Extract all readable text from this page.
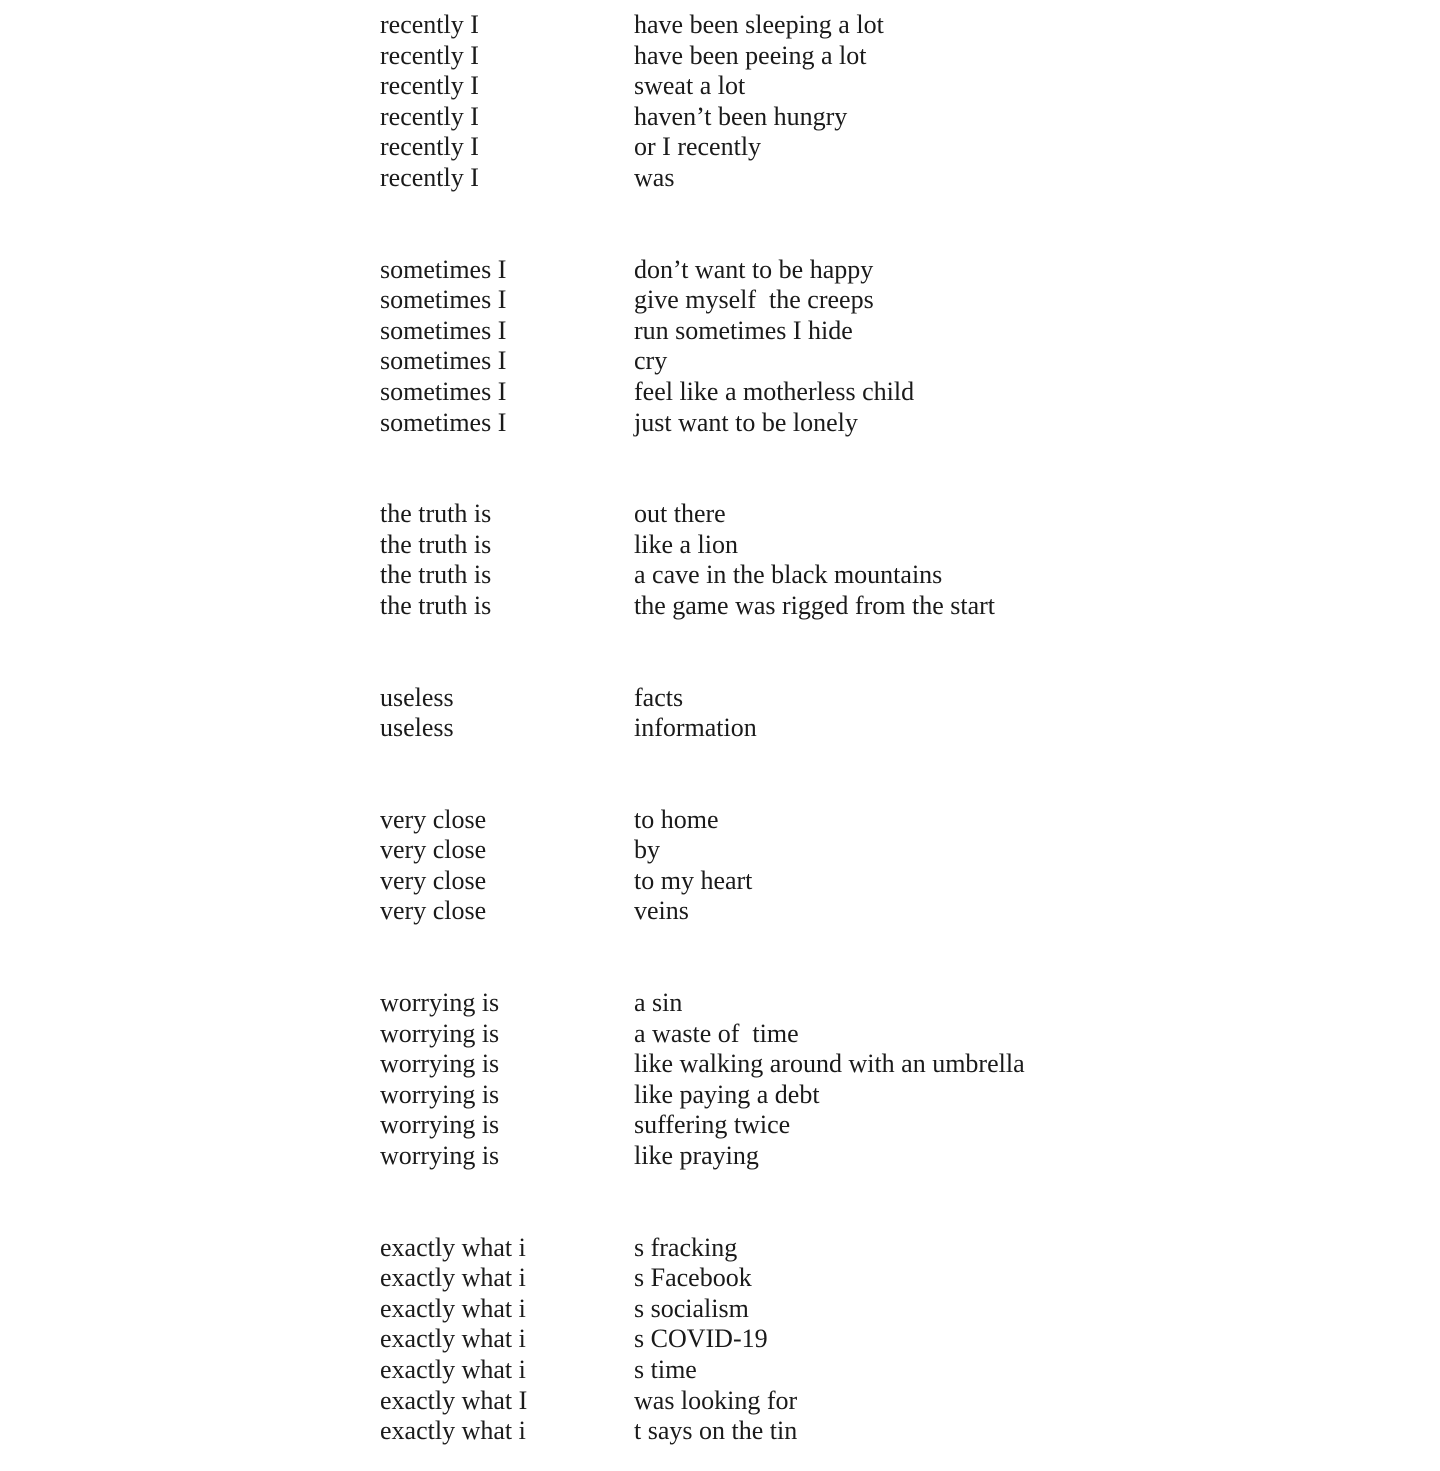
recently I	have been sleeping a lot
recently I	have been peeing a lot
recently I	sweat a lot
recently I	haven’t been hungry
recently I	or I recently
recently I	was
sometimes I	don’t want to be happy
sometimes I	give myself  the creeps
sometimes I	run sometimes I hide
sometimes I	cry
sometimes I	feel like a motherless child
sometimes I	just want to be lonely
the truth is	out there
the truth is	like a lion
the truth is	a cave in the black mountains
the truth is	the game was rigged from the start
useless	facts
useless	information
very close	to home
very close	by
very close	to my heart
very close	veins
worrying is	a sin
worrying is	a waste of  time
worrying is	like walking around with an umbrella
worrying is	like paying a debt
worrying is	suffering twice
worrying is	like praying
exactly what i	s fracking
exactly what i	s Facebook
exactly what i	s socialism
exactly what i	s COVID-19
exactly what i	s time
exactly what I	was looking for
exactly what i	t says on the tin
